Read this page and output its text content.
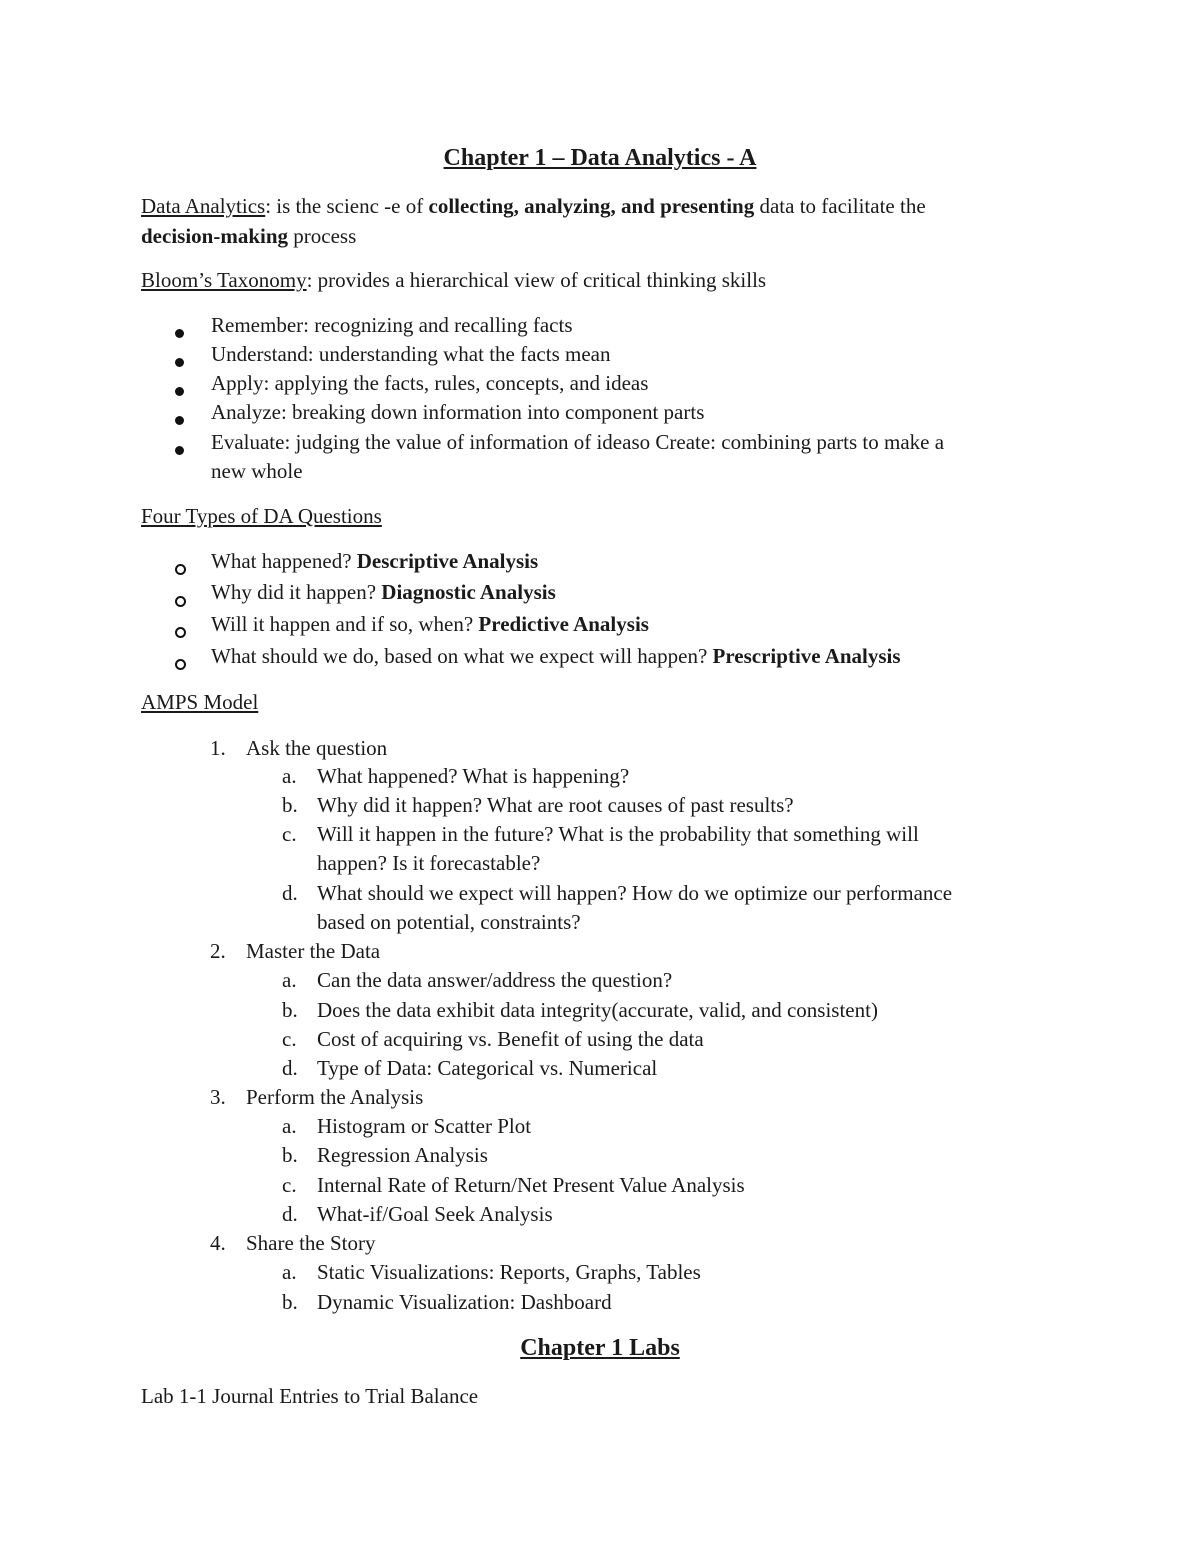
Chapter 1 – Data Analytics - A
Data Analytics: is the scienc -e of collecting, analyzing, and presenting data to facilitate the
decision-making process
Bloom’s Taxonomy: provides a hierarchical view of critical thinking skills
Remember: recognizing and recalling facts
Understand: understanding what the facts mean
Apply: applying the facts, rules, concepts, and ideas
Analyze: breaking down information into component parts
Evaluate: judging the value of information of ideaso Create: combining parts to make a
new whole
Four Types of DA Questions
What happened? Descriptive Analysis
Why did it happen? Diagnostic Analysis
Will it happen and if so, when? Predictive Analysis
What should we do, based on what we expect will happen? Prescriptive Analysis
AMPS Model
1. Ask the question
a. What happened? What is happening?
b. Why did it happen? What are root causes of past results?
c. Will it happen in the future? What is the probability that something will
happen? Is it forecastable?
d. What should we expect will happen? How do we optimize our performance
based on potential, constraints?
2. Master the Data
a. Can the data answer/address the question?
b. Does the data exhibit data integrity(accurate, valid, and consistent)
c. Cost of acquiring vs. Benefit of using the data
d. Type of Data: Categorical vs. Numerical
3. Perform the Analysis
a. Histogram or Scatter Plot
b. Regression Analysis
c. Internal Rate of Return/Net Present Value Analysis
d. What-if/Goal Seek Analysis
4. Share the Story
a. Static Visualizations: Reports, Graphs, Tables
b. Dynamic Visualization: Dashboard
Chapter 1 Labs
Lab 1-1 Journal Entries to Trial Balance
